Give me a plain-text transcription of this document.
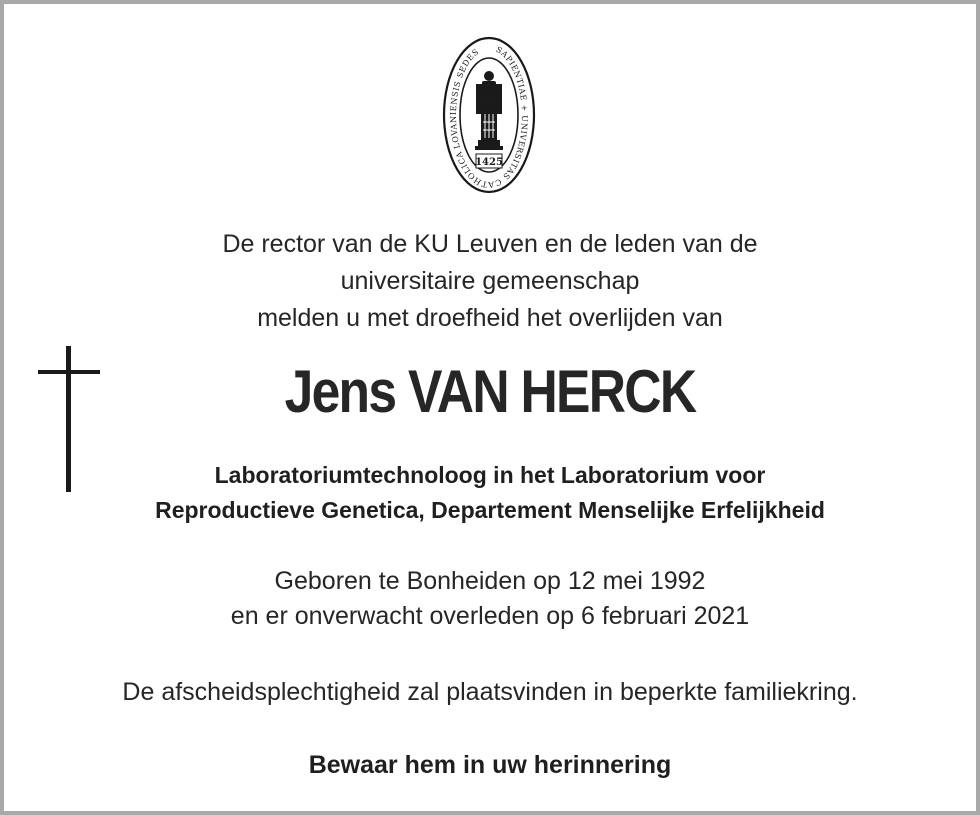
SAPIENTIAE + UNIVERSITAS CATHOLICA LOVANIENSIS SEDES
1425
De rector van de KU Leuven en de leden van de
universitaire gemeenschap
melden u met droefheid het overlijden van
Jens VAN HERCK
Laboratoriumtechnoloog in het Laboratorium voor
Reproductieve Genetica, Departement Menselijke Erfelijkheid
Geboren te Bonheiden op 12 mei 1992
en er onverwacht overleden op 6 februari 2021
De afscheidsplechtigheid zal plaatsvinden in beperkte familiekring.
Bewaar hem in uw herinnering
